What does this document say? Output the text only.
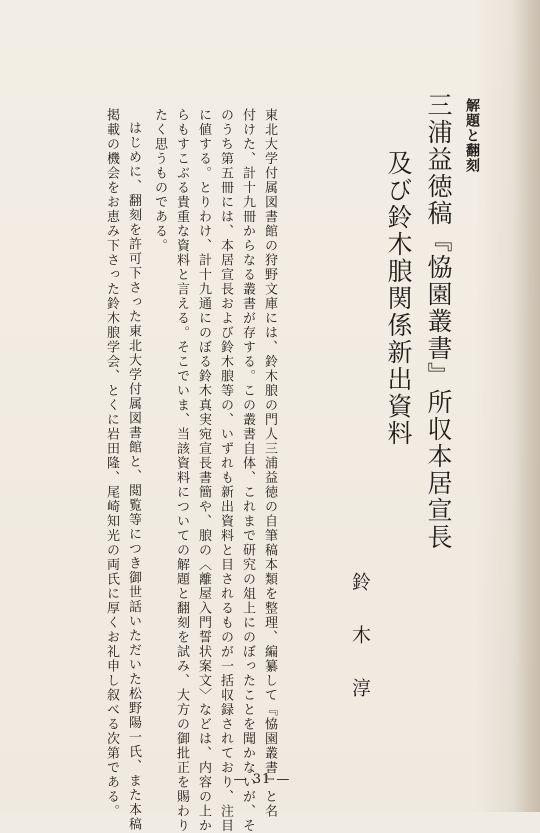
解題と翻刻
三浦益徳稿『恊園叢書』所収本居宣長
及び鈴木朖関係新出資料
鈴木淳
東北大学付属図書館の狩野文庫には、鈴木朖の門人三浦益徳の自筆稿本類を整理、編纂して『恊園叢書』と名
付けた、計十九冊からなる叢書が存する。この叢書自体、これまで研究の俎上にのぼったことを聞かないが、そ
のうち第五冊には、本居宣長および鈴木朖等の、いずれも新出資料と目されるものが一括収録されており、注目
に値する。とりわけ、計十九通にのぼる鈴木真実宛宣長書簡や、朖の〈離屋入門誓状案文〉などは、内容の上か
らもすこぶる貴重な資料と言える。そこでいま、当該資料についての解題と翻刻を試み、大方の御批正を賜わり
たく思うものである。
はじめに、翻刻を許可下さった東北大学付属図書館と、閲覧等につき御世話いただいた松野陽一氏、また本稿
掲載の機会をお恵み下さった鈴木朖学会、とくに岩田隆、尾崎知光の両氏に厚くお礼申し叙べる次第である。	— 31 —
